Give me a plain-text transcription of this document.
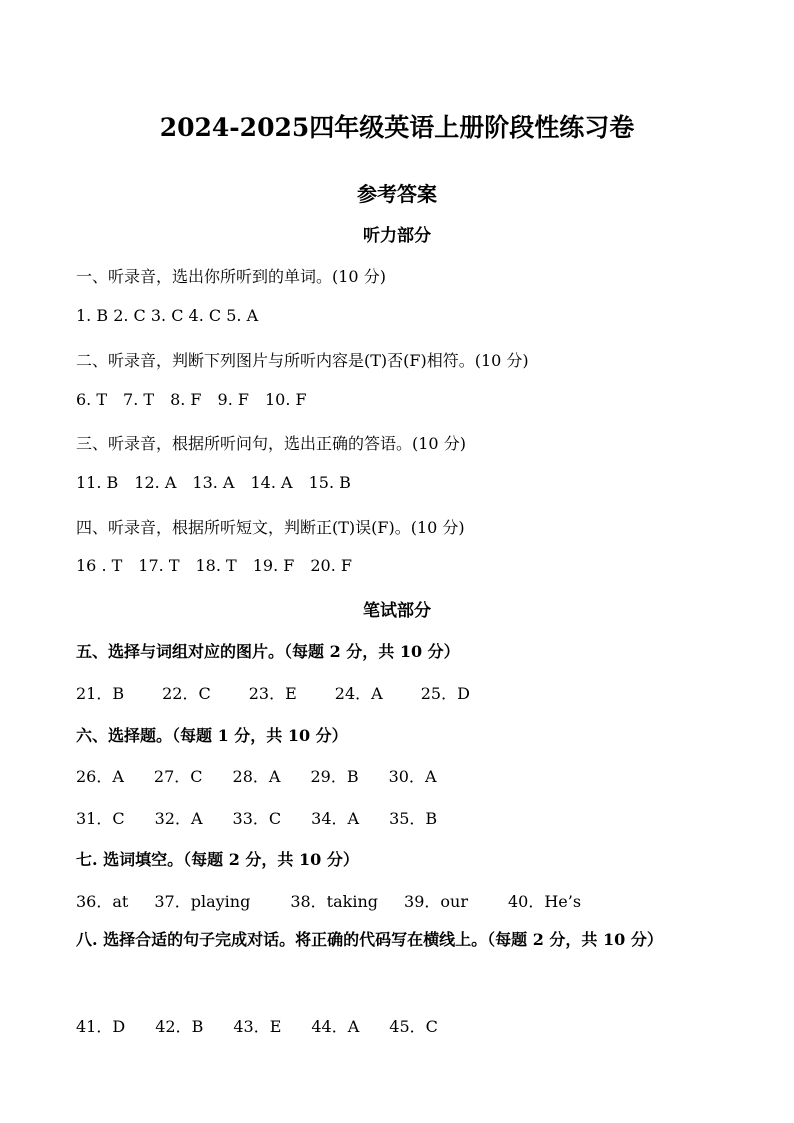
2024-2025四年级英语上册阶段性练习卷
参考答案
听力部分
一、听录音，选出你所听到的单词。(10 分)
1. B 2. C 3. C 4. C 5. A
二、听录音，判断下列图片与所听内容是(T)否(F)相符。(10 分)
6. T 7. T 8. F 9. F 10. F
三、听录音，根据所听问句，选出正确的答语。(10 分)
11. B 12. A 13. A 14. A 15. B
四、听录音，根据所听短文，判断正(T)误(F)。(10 分)
16 . T 17. T 18. T 19. F 20. F
笔试部分
五、选择与词组对应的图片。（每题 2 分，共 10 分）
21．B 22．C 23．E 24．A 25．D
六、选择题。（每题 1 分，共 10 分）
26．A 27．C 28．A 29．B 30．A
31．C 32．A 33．C 34．A 35．B
七. 选词填空。（每题 2 分，共 10 分）
36．at 37．playing	38．taking 39．our	40．He’s
八. 选择合适的句子完成对话。将正确的代码写在横线上。（每题 2 分，共 10 分）
41．D 42．B 43．E 44．A 45．C
